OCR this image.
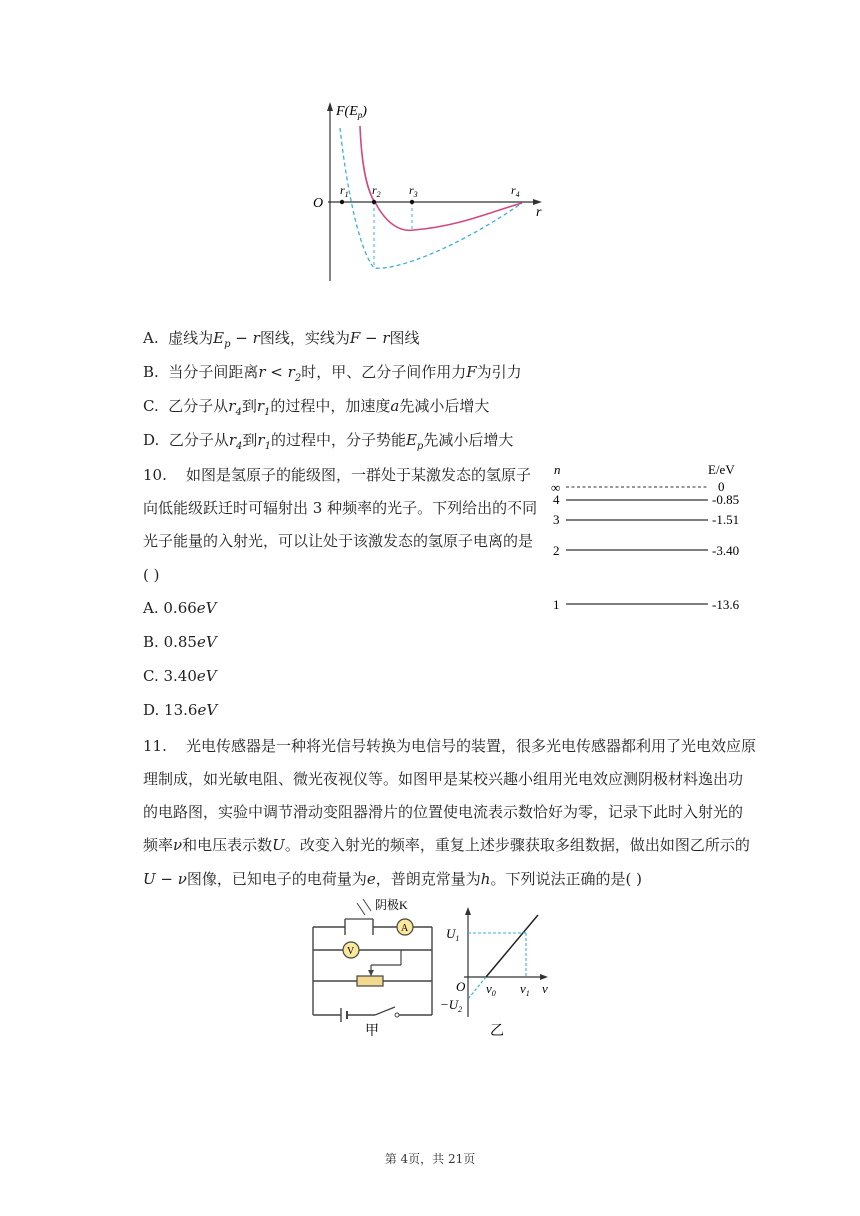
$F(E_p)$
O
r
$r_1$ $r_2$ $r_3$	$r_4$
A. 虚线为$E_p - r$图线，实线为F − r图线
B. 当分子间距离$r < r_2$时，甲、乙分子间作用力F为引力
C. 乙分子从$r_4$到$r_1$的过程中，加速度a先减小后增大
D. 乙分子从$r_4$到$r_1$的过程中，分子势能$E_p$先减小后增大
10. 如图是氢原子的能级图，一群处于某激发态的氢原子
向低能级跃迁时可辐射出 3 种频率的光子。下列给出的不同
光子能量的入射光，可以让处于该激发态的氢原子电离的是
( )
A. 0.66eV
B. 0.85eV
C. 3.40eV
D. 13.6eV
n	E/eV
∞	0
4	-0.85
3	-1.51
2	-3.40
1	-13.6
11. 光电传感器是一种将光信号转换为电信号的装置，很多光电传感器都利用了光电效应原
理制成，如光敏电阻、微光夜视仪等。如图甲是某校兴趣小组用光电效应测阴极材料逸出功
的电路图，实验中调节滑动变阻器滑片的位置使电流表示数恰好为零，记录下此时入射光的
频率ν和电压表示数U。改变入射光的频率，重复上述步骤获取多组数据，做出如图乙所示的
U − ν图像，已知电子的电荷量为e，普朗克常量为h。下列说法正确的是( )
阴极K
A
V
甲
$U_1$
O
$-U_2$
$\nu_0$ $\nu_1$ ν
乙
第 4页，共 21页
